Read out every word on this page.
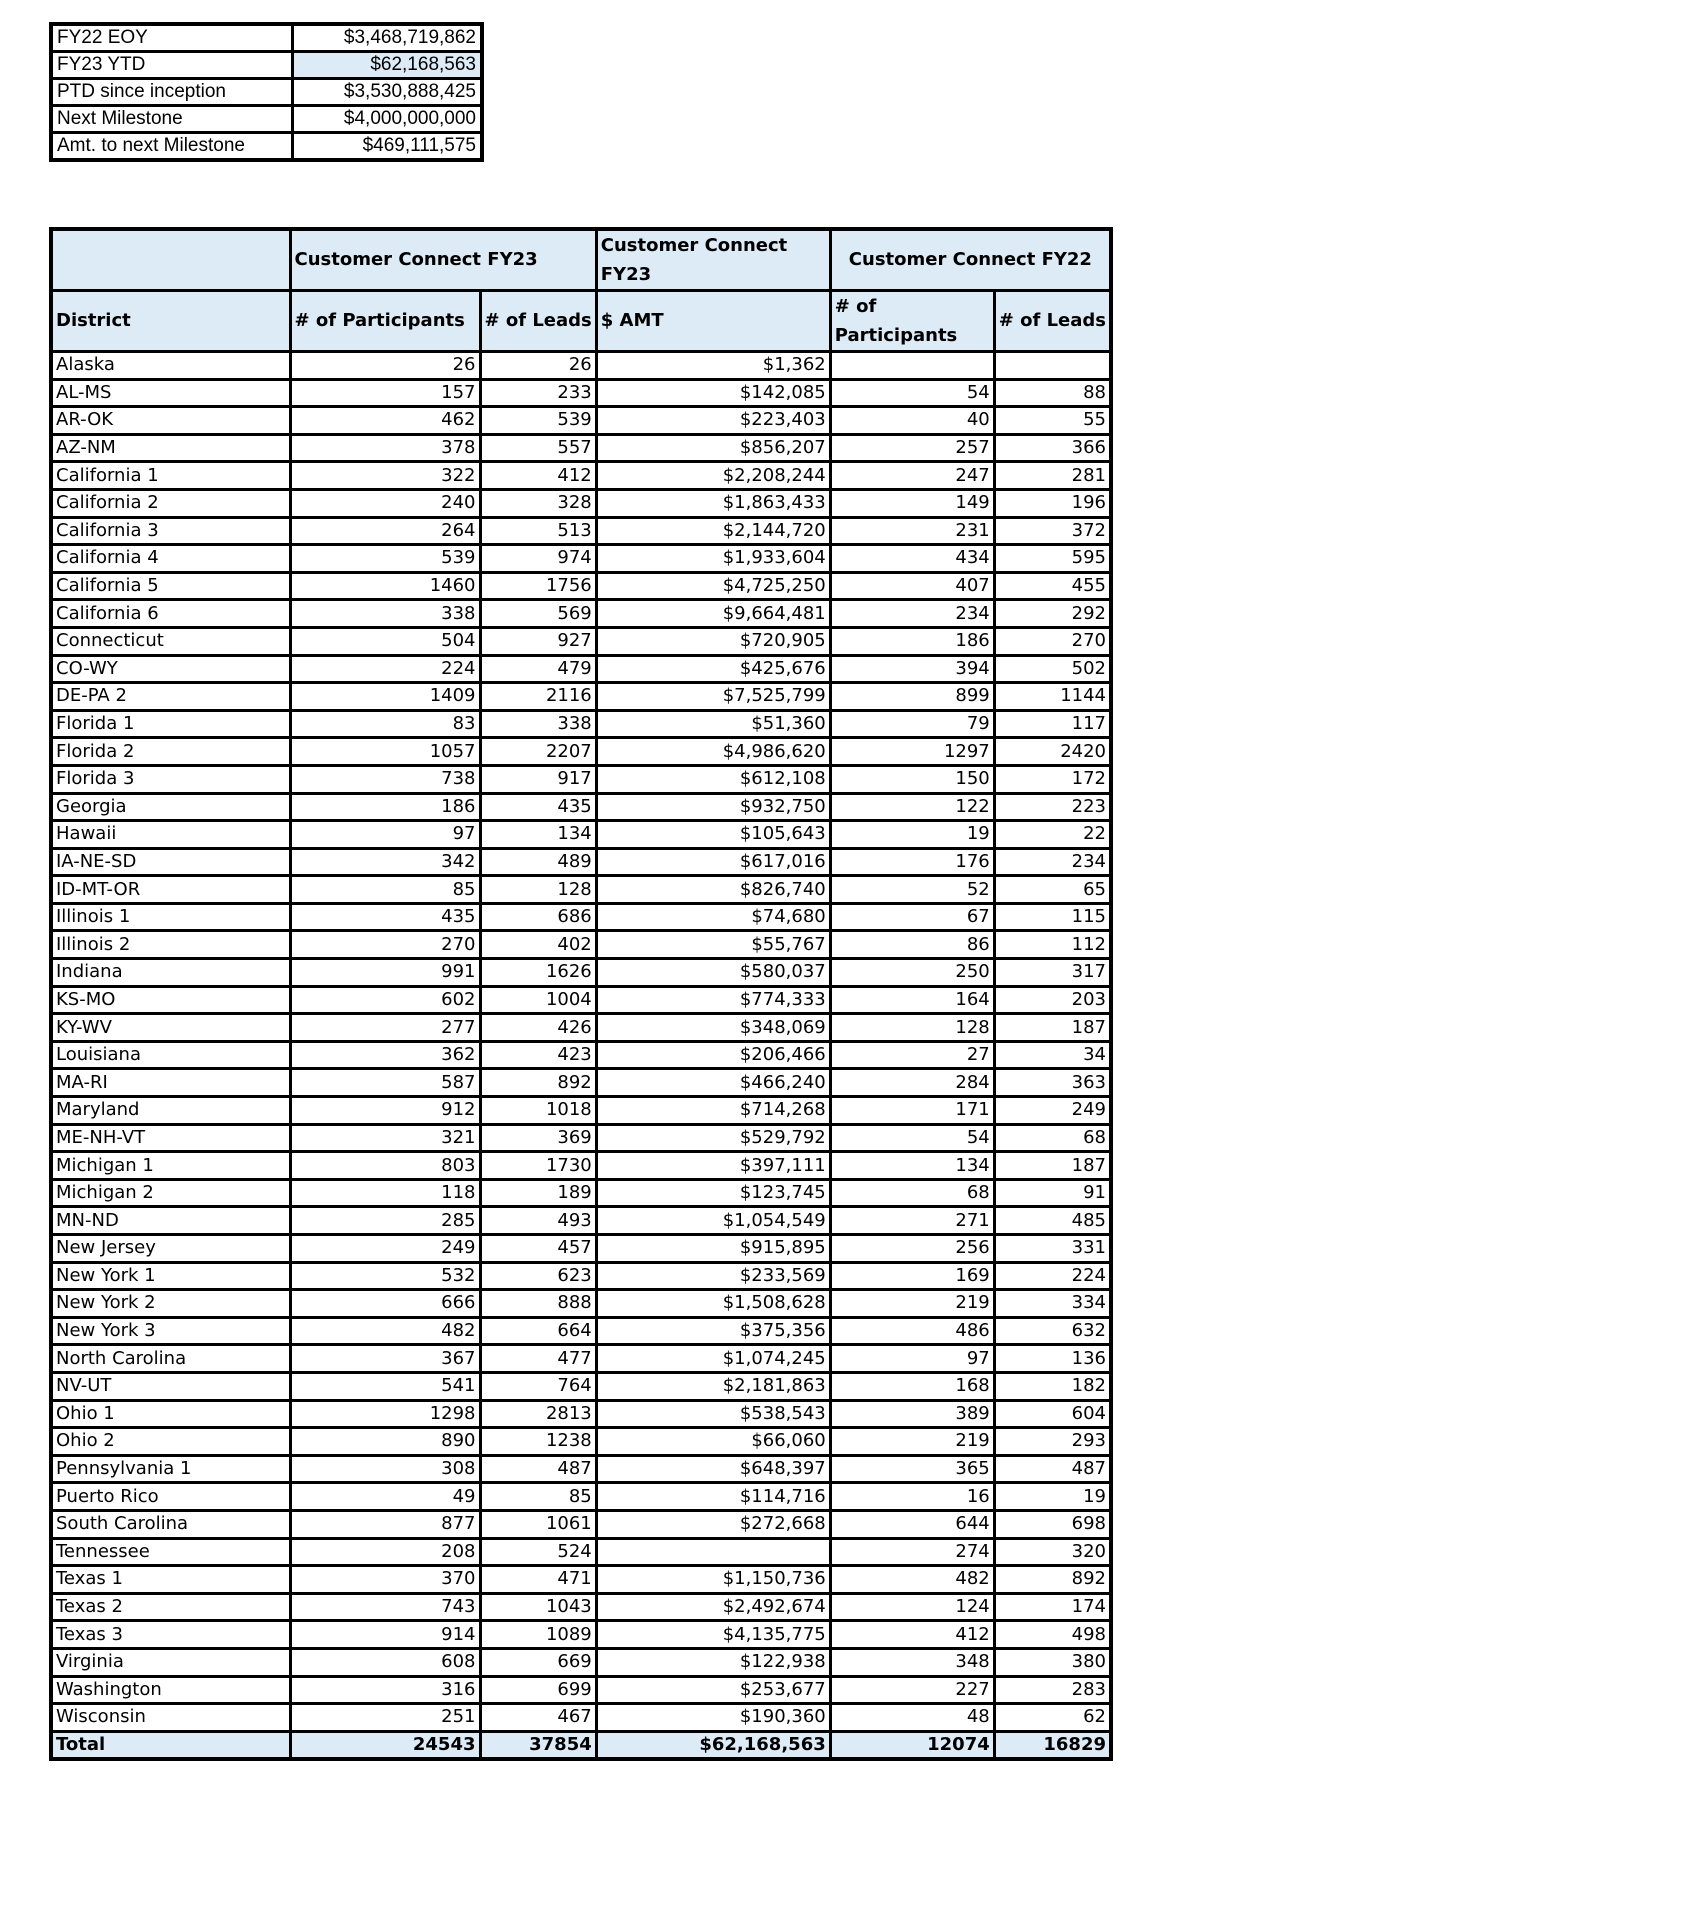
FY22 EOY	$3,468,719,862
FY23 YTD	$62,168,563
PTD since inception	$3,530,888,425
Next Milestone	$4,000,000,000
Amt. to next Milestone	$469,111,575
	Customer Connect FY23		Customer Connect FY23	Customer Connect FY22	
District	# of Participants	# of Leads	$ AMT	# of Participants	# of Leads
Alaska	26	26	$1,362		
AL-MS	157	233	$142,085	54	88
AR-OK	462	539	$223,403	40	55
AZ-NM	378	557	$856,207	257	366
California 1	322	412	$2,208,244	247	281
California 2	240	328	$1,863,433	149	196
California 3	264	513	$2,144,720	231	372
California 4	539	974	$1,933,604	434	595
California 5	1460	1756	$4,725,250	407	455
California 6	338	569	$9,664,481	234	292
Connecticut	504	927	$720,905	186	270
CO-WY	224	479	$425,676	394	502
DE-PA 2	1409	2116	$7,525,799	899	1144
Florida 1	83	338	$51,360	79	117
Florida 2	1057	2207	$4,986,620	1297	2420
Florida 3	738	917	$612,108	150	172
Georgia	186	435	$932,750	122	223
Hawaii	97	134	$105,643	19	22
IA-NE-SD	342	489	$617,016	176	234
ID-MT-OR	85	128	$826,740	52	65
Illinois 1	435	686	$74,680	67	115
Illinois 2	270	402	$55,767	86	112
Indiana	991	1626	$580,037	250	317
KS-MO	602	1004	$774,333	164	203
KY-WV	277	426	$348,069	128	187
Louisiana	362	423	$206,466	27	34
MA-RI	587	892	$466,240	284	363
Maryland	912	1018	$714,268	171	249
ME-NH-VT	321	369	$529,792	54	68
Michigan 1	803	1730	$397,111	134	187
Michigan 2	118	189	$123,745	68	91
MN-ND	285	493	$1,054,549	271	485
New Jersey	249	457	$915,895	256	331
New York 1	532	623	$233,569	169	224
New York 2	666	888	$1,508,628	219	334
New York 3	482	664	$375,356	486	632
North Carolina	367	477	$1,074,245	97	136
NV-UT	541	764	$2,181,863	168	182
Ohio 1	1298	2813	$538,543	389	604
Ohio 2	890	1238	$66,060	219	293
Pennsylvania 1	308	487	$648,397	365	487
Puerto Rico	49	85	$114,716	16	19
South Carolina	877	1061	$272,668	644	698
Tennessee	208	524		274	320
Texas 1	370	471	$1,150,736	482	892
Texas 2	743	1043	$2,492,674	124	174
Texas 3	914	1089	$4,135,775	412	498
Virginia	608	669	$122,938	348	380
Washington	316	699	$253,677	227	283
Wisconsin	251	467	$190,360	48	62
Total	24543	37854	$62,168,563	12074	16829
